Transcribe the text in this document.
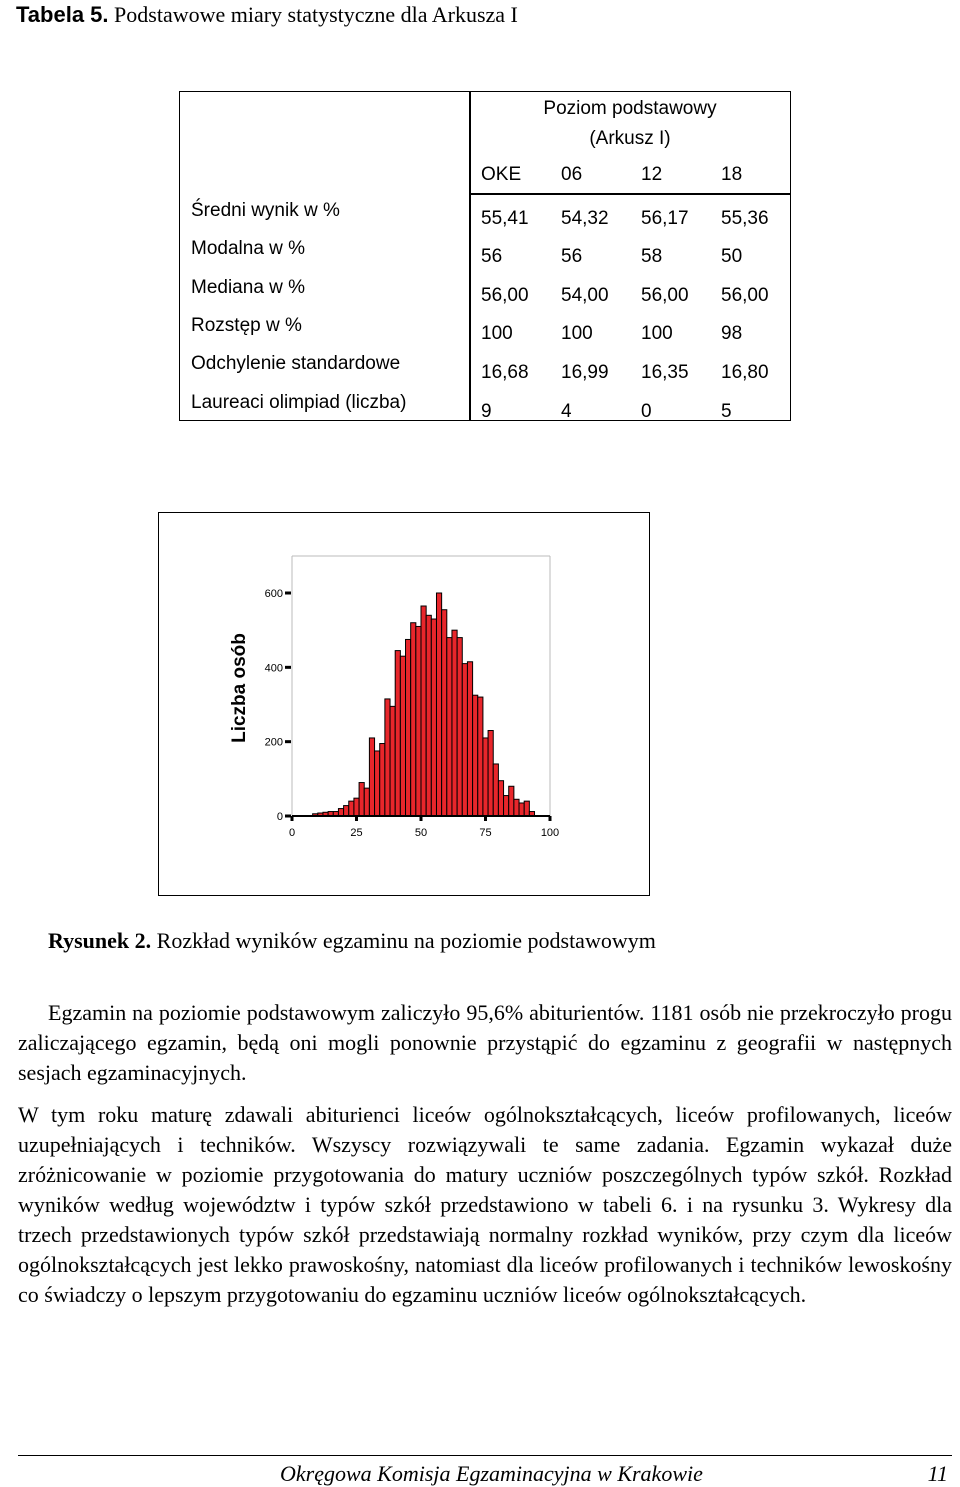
Tabela 5. Podstawowe miary statystyczne dla Arkusza I
Poziom podstawowy
(Arkusz I)
OKE 06	12	18
Średni wynik w %	55,41 54,32 56,17 55,36
Modalna w %	56	56	58	50
Mediana w %	56,00 54,00 56,00 56,00
Rozstęp w %	100	100	100	98
Odchylenie standardowe	16,68 16,99 16,35 16,80
Laureaci olimpiad (liczba)	9	4	0	5
Liczba osób
0
200
400
600
0	25	50	75	100
Rysunek 2. Rozkład wyników egzaminu na poziomie podstawowym

Egzamin na poziomie podstawowym zaliczyło 95,6% abiturientów. 1181 osób nie przekroczyło progu zaliczającego egzamin, będą oni mogli ponownie przystąpić do egzaminu z geografii w następnych sesjach egzaminacyjnych.

W tym roku maturę zdawali abiturienci liceów ogólnokształcących, liceów profilowanych, liceów uzupełniających i techników. Wszyscy rozwiązywali te same zadania. Egzamin wykazał duże zróżnicowanie w poziomie przygotowania do matury uczniów poszczególnych typów szkół. Rozkład wyników według województw i typów szkół przedstawiono w tabeli 6. i na rysunku 3. Wykresy dla trzech przedstawionych typów szkół przedstawiają normalny rozkład wyników, przy czym dla liceów ogólnokształcących jest lekko prawoskośny, natomiast dla liceów profilowanych i techników lewoskośny co świadczy o lepszym przygotowaniu do egzaminu uczniów liceów ogólnokształcących.

Okręgowa Komisja Egzaminacyjna w Krakowie	11
